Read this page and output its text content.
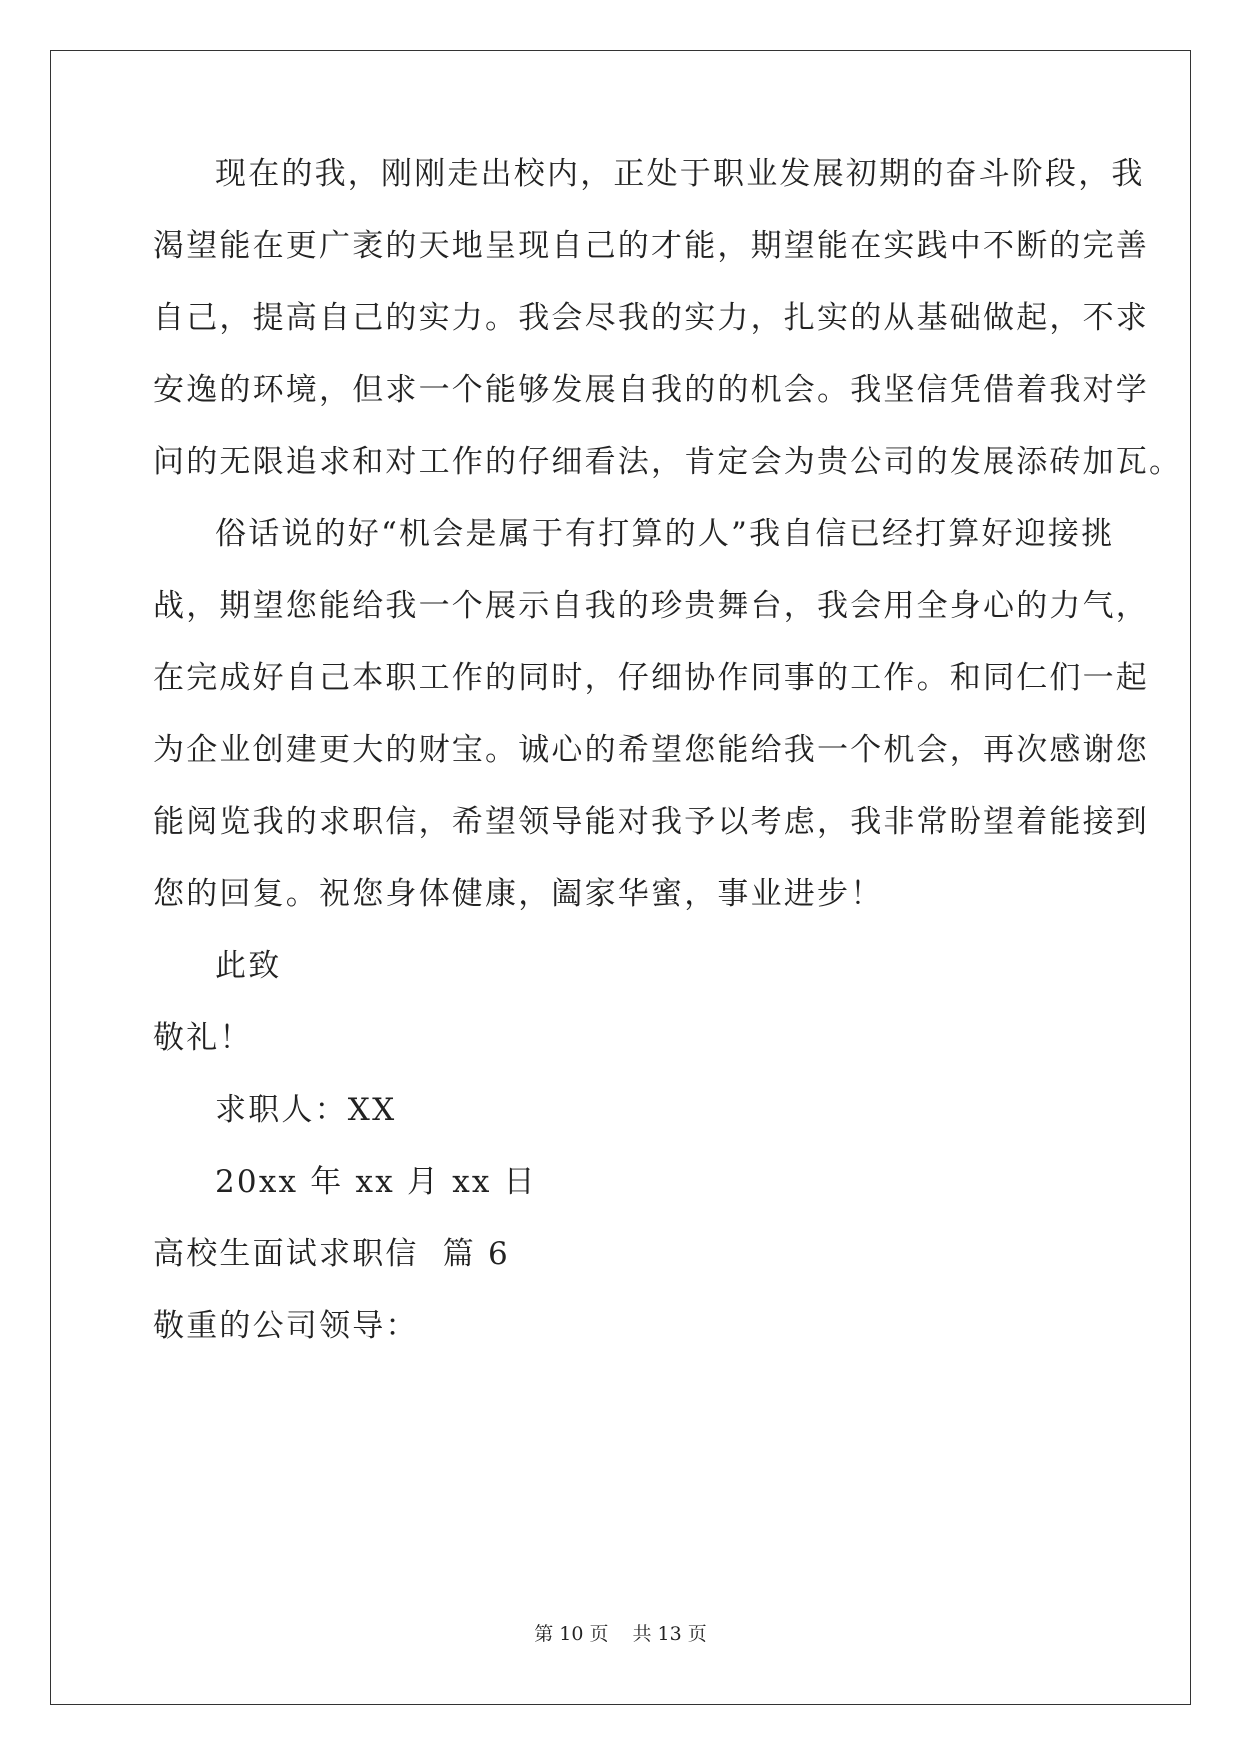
现在的我，刚刚走出校内，正处于职业发展初期的奋斗阶段，我
渴望能在更广袤的天地呈现自己的才能，期望能在实践中不断的完善
自己，提高自己的实力。我会尽我的实力，扎实的从基础做起，不求
安逸的环境，但求一个能够发展自我的的机会。我坚信凭借着我对学
问的无限追求和对工作的仔细看法，肯定会为贵公司的发展添砖加瓦。
俗话说的好“机会是属于有打算的人”我自信已经打算好迎接挑
战，期望您能给我一个展示自我的珍贵舞台，我会用全身心的力气，
在完成好自己本职工作的同时，仔细协作同事的工作。和同仁们一起
为企业创建更大的财宝。诚心的希望您能给我一个机会，再次感谢您
能阅览我的求职信，希望领导能对我予以考虑，我非常盼望着能接到
您的回复。祝您身体健康，阖家华蜜，事业进步！
此致
敬礼！
求职人：XX
20xx 年 xx 月 xx 日
高校生面试求职信  篇 6
敬重的公司领导：
第 10 页 共 13 页
